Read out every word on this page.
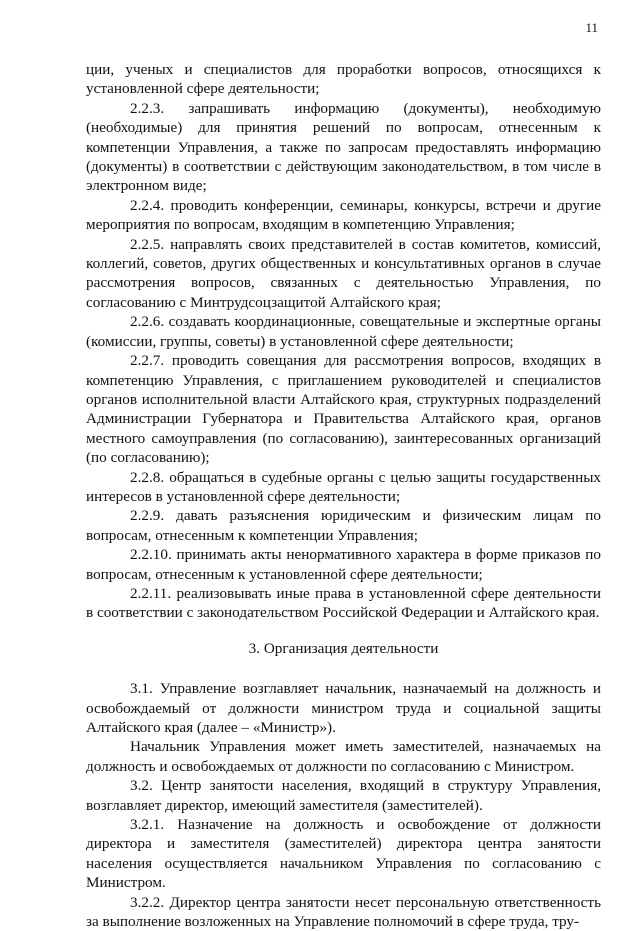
11

ции, ученых и специалистов для проработки вопросов, относящихся к установленной сфере деятельности;

2.2.3. запрашивать информацию (документы), необходимую (необходимые) для принятия решений по вопросам, отнесенным к компетенции Управления, а также по запросам предоставлять информацию (документы) в соответствии с действующим законодательством, в том числе в электронном виде;

2.2.4. проводить конференции, семинары, конкурсы, встречи и другие мероприятия по вопросам, входящим в компетенцию Управления;

2.2.5. направлять своих представителей в состав комитетов, комиссий, коллегий, советов, других общественных и консультативных органов в случае рассмотрения вопросов, связанных с деятельностью Управления, по согласованию с Минтрудсоцзащитой Алтайского края;

2.2.6. создавать координационные, совещательные и экспертные органы (комиссии, группы, советы) в установленной сфере деятельности;

2.2.7. проводить совещания для рассмотрения вопросов, входящих в компетенцию Управления, с приглашением руководителей и специалистов органов исполнительной власти Алтайского края, структурных подразделений Администрации Губернатора и Правительства Алтайского края, органов местного самоуправления (по согласованию), заинтересованных организаций (по согласованию);

2.2.8. обращаться в судебные органы с целью защиты государственных интересов в установленной сфере деятельности;

2.2.9. давать разъяснения юридическим и физическим лицам по вопросам, отнесенным к компетенции Управления;

2.2.10. принимать акты ненормативного характера в форме приказов по вопросам, отнесенным к установленной сфере деятельности;

2.2.11. реализовывать иные права в установленной сфере деятельности в соответствии с законодательством Российской Федерации и Алтайского края.

3. Организация деятельности

3.1. Управление возглавляет начальник, назначаемый на должность и освобождаемый от должности министром труда и социальной защиты Алтайского края (далее – «Министр»).

Начальник Управления может иметь заместителей, назначаемых на должность и освобождаемых от должности по согласованию с Министром.

3.2. Центр занятости населения, входящий в структуру Управления, возглавляет директор, имеющий заместителя (заместителей).

3.2.1. Назначение на должность и освобождение от должности директора и заместителя (заместителей) директора центра занятости населения осуществляется начальником Управления по согласованию с Министром.

3.2.2. Директор центра занятости несет персональную ответственность за выполнение возложенных на Управление полномочий в сфере труда, тру-
